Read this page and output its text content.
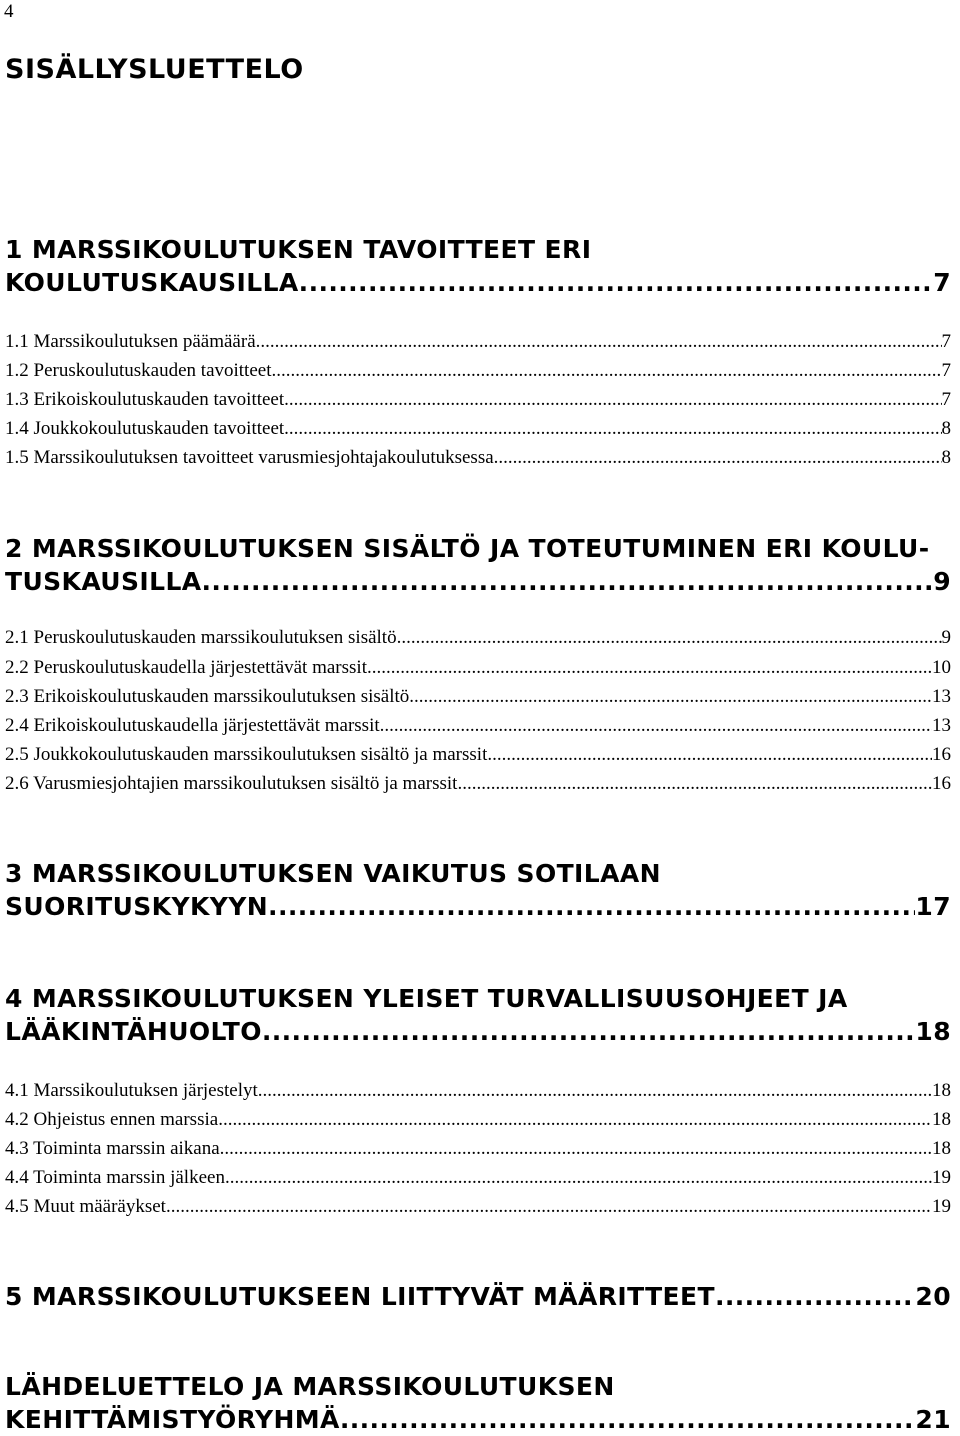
4
SISÄLLYSLUETTELO
1 MARSSIKOULUTUKSEN TAVOITTEET ERI
KOULUTUSKAUSILLA .....	7
1.1 Marssikoulutuksen päämäärä .....	7
1.2 Peruskoulutuskauden tavoitteet .....	7
1.3 Erikoiskoulutuskauden tavoitteet .....	7
1.4 Joukkokoulutuskauden tavoitteet .....	8
1.5 Marssikoulutuksen tavoitteet varusmiesjohtajakoulutuksessa .....	8
2 MARSSIKOULUTUKSEN SISÄLTÖ JA TOTEUTUMINEN ERI KOULU-
TUSKAUSILLA .....	9
2.1 Peruskoulutuskauden marssikoulutuksen sisältö .....	9
2.2 Peruskoulutuskaudella järjestettävät marssit .....	10
2.3 Erikoiskoulutuskauden marssikoulutuksen sisältö .....	13
2.4 Erikoiskoulutuskaudella järjestettävät marssit .....	13
2.5 Joukkokoulutuskauden marssikoulutuksen sisältö ja marssit .....	16
2.6 Varusmiesjohtajien marssikoulutuksen sisältö ja marssit .....	16
3 MARSSIKOULUTUKSEN VAIKUTUS SOTILAAN
SUORITUSKYKYYN .....	17
4 MARSSIKOULUTUKSEN YLEISET TURVALLISUUSOHJEET JA
LÄÄKINTÄHUOLTO .....	18
4.1 Marssikoulutuksen järjestelyt .....	18
4.2 Ohjeistus ennen marssia .....	18
4.3 Toiminta marssin aikana .....	18
4.4 Toiminta marssin jälkeen .....	19
4.5 Muut määräykset .....	19
5 MARSSIKOULUTUKSEEN LIITTYVÄT MÄÄRITTEET .....	20
LÄHDELUETTELO JA MARSSIKOULUTUKSEN
KEHITTÄMISTYÖRYHMÄ .....	21
